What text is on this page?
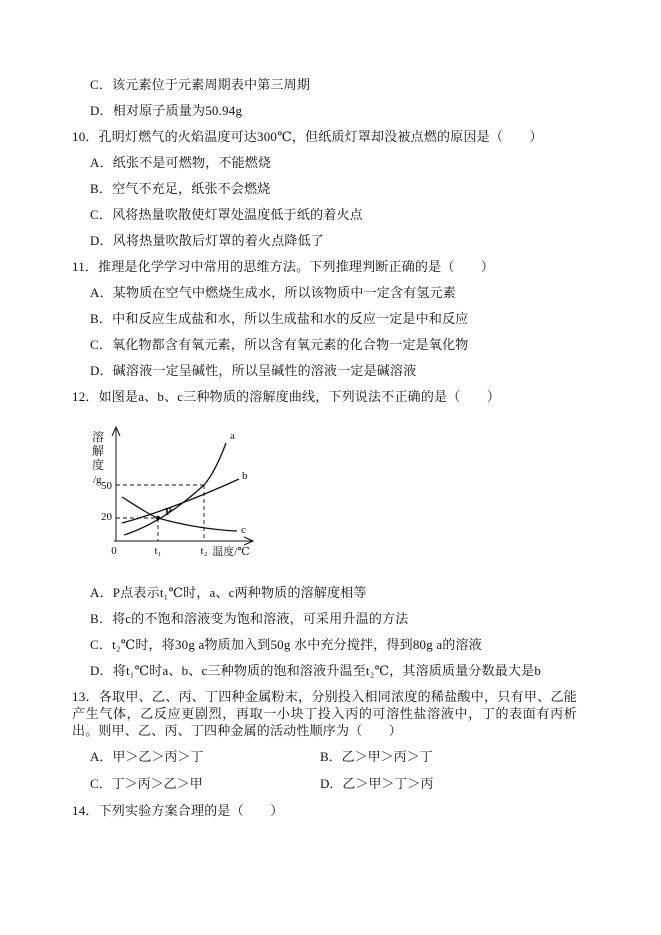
C．该元素位于元素周期表中第三周期

D．相对原子质量为50.94g

10．孔明灯燃气的火焰温度可达300℃，但纸质灯罩却没被点燃的原因是（　　）

A．纸张不是可燃物，不能燃烧

B．空气不充足，纸张不会燃烧

C．风将热量吹散使灯罩处温度低于纸的着火点

D．风将热量吹散后灯罩的着火点降低了

11．推理是化学学习中常用的思维方法。下列推理判断正确的是（　　）

A．某物质在空气中燃烧生成水，所以该物质中一定含有氢元素

B．中和反应生成盐和水，所以生成盐和水的反应一定是中和反应

C．氧化物都含有氧元素，所以含有氧元素的化合物一定是氧化物

D．碱溶液一定呈碱性，所以呈碱性的溶液一定是碱溶液

12．如图是a、b、c三种物质的溶解度曲线，下列说法不正确的是（　　）

溶
解
度
/g 50
20
0	t₁	t₂ 温度/℃
P
a
b
c

A．P点表示t₁℃时，a、c两种物质的溶解度相等

B．将c的不饱和溶液变为饱和溶液，可采用升温的方法

C．t₂℃时，将30g a物质加入到50g 水中充分搅拌，得到80g a的溶液

D．将t₁℃时a、b、c三种物质的饱和溶液升温至t₂℃，其溶质质量分数最大是b

13．各取甲、乙、丙、丁四种金属粉末，分别投入相同浓度的稀盐酸中，只有甲、乙能产生气体，乙反应更剧烈，再取一小块丁投入丙的可溶性盐溶液中，丁的表面有丙析出。则甲、乙、丙、丁四种金属的活动性顺序为（　　）

A．甲＞乙＞丙＞丁	B．乙＞甲＞丙＞丁
C．丁＞丙＞乙＞甲	D．乙＞甲＞丁＞丙

14．下列实验方案合理的是（　　）
